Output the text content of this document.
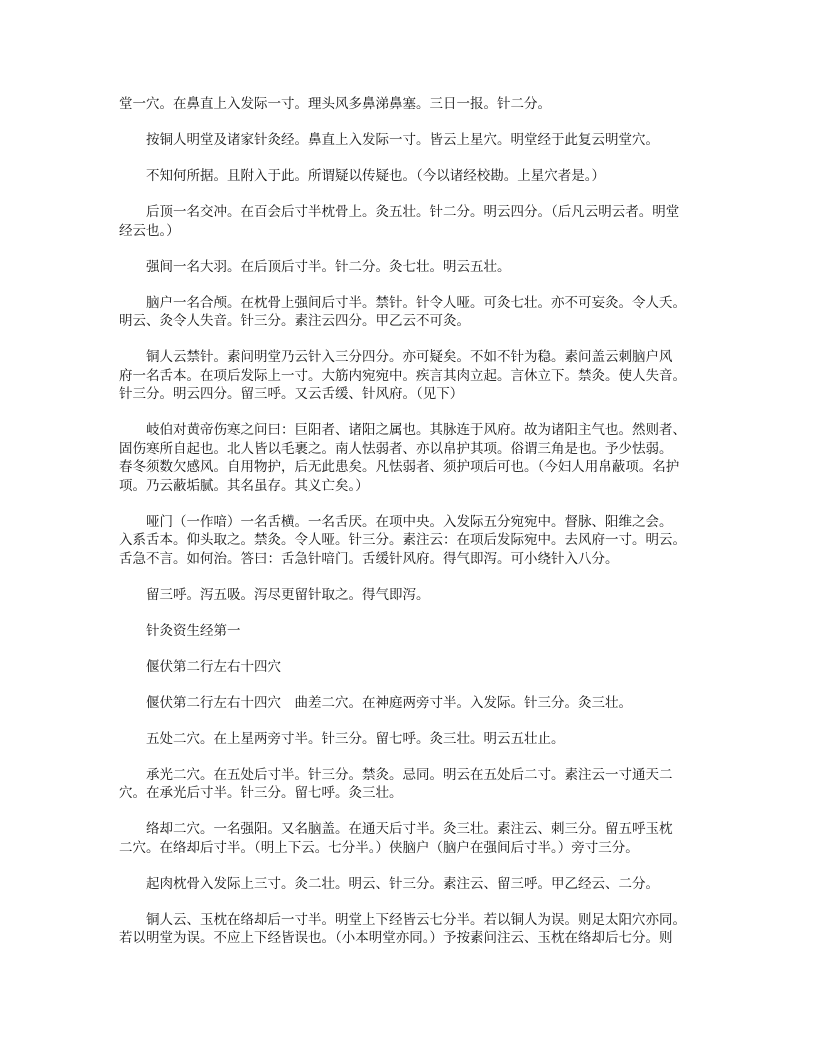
堂一穴。在鼻直上入发际一寸。理头风多鼻涕鼻塞。三日一报。针二分。

按铜人明堂及诸家针灸经。鼻直上入发际一寸。皆云上星穴。明堂经于此复云明堂穴。

不知何所据。且附入于此。所谓疑以传疑也。（今以诸经校勘。上星穴者是。）

后顶一名交冲。在百会后寸半枕骨上。灸五壮。针二分。明云四分。（后凡云明云者。明堂
经云也。）

强间一名大羽。在后顶后寸半。针二分。灸七壮。明云五壮。

脑户一名合颅。在枕骨上强间后寸半。禁针。针令人哑。可灸七壮。亦不可妄灸。令人夭。
明云、灸令人失音。针三分。素注云四分。甲乙云不可灸。

铜人云禁针。素问明堂乃云针入三分四分。亦可疑矣。不如不针为稳。素问盖云刺脑户风
府一名舌本。在项后发际上一寸。大筋内宛宛中。疾言其肉立起。言休立下。禁灸。使人失音。
针三分。明云四分。留三呼。又云舌缓、针风府。（见下）

岐伯对黄帝伤寒之问曰：巨阳者、诸阳之属也。其脉连于风府。故为诸阳主气也。然则者、
固伤寒所自起也。北人皆以毛裹之。南人怯弱者、亦以帛护其项。俗谓三角是也。予少怯弱。
春冬须数欠感风。自用物护，后无此患矣。凡怯弱者、须护项后可也。（今妇人用帛蔽项。名护
项。乃云蔽垢腻。其名虽存。其义亡矣。）

哑门（一作喑）一名舌横。一名舌厌。在项中央。入发际五分宛宛中。督脉、阳维之会。
入系舌本。仰头取之。禁灸。令人哑。针三分。素注云：在项后发际宛中。去风府一寸。明云。
舌急不言。如何治。答曰：舌急针喑门。舌缓针风府。得气即泻。可小绕针入八分。

留三呼。泻五吸。泻尽更留针取之。得气即泻。

针灸资生经第一

偃伏第二行左右十四穴

偃伏第二行左右十四穴　曲差二穴。在神庭两旁寸半。入发际。针三分。灸三壮。

五处二穴。在上星两旁寸半。针三分。留七呼。灸三壮。明云五壮止。

承光二穴。在五处后寸半。针三分。禁灸。忌同。明云在五处后二寸。素注云一寸通天二
穴。在承光后寸半。针三分。留七呼。灸三壮。

络却二穴。一名强阳。又名脑盖。在通天后寸半。灸三壮。素注云、刺三分。留五呼玉枕
二穴。在络却后寸半。（明上下云。七分半。）侠脑户（脑户在强间后寸半。）旁寸三分。

起肉枕骨入发际上三寸。灸二壮。明云、针三分。素注云、留三呼。甲乙经云、二分。

铜人云、玉枕在络却后一寸半。明堂上下经皆云七分半。若以铜人为误。则足太阳穴亦同。
若以明堂为误。不应上下经皆误也。（小本明堂亦同。）予按素问注云、玉枕在络却后七分。则
